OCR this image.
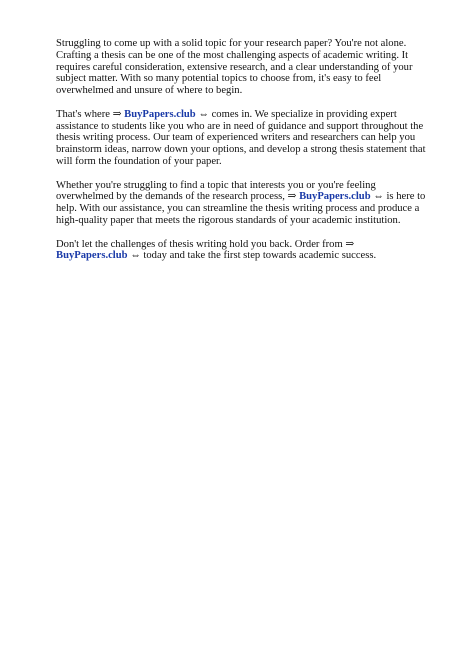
Struggling to come up with a solid topic for your research paper? You're not alone. Crafting a thesis can be one of the most challenging aspects of academic writing. It requires careful consideration, extensive research, and a clear understanding of your subject matter. With so many potential topics to choose from, it's easy to feel overwhelmed and unsure of where to begin.

That's where ⇒ BuyPapers.club ⇔ comes in. We specialize in providing expert assistance to students like you who are in need of guidance and support throughout the thesis writing process. Our team of experienced writers and researchers can help you brainstorm ideas, narrow down your options, and develop a strong thesis statement that will form the foundation of your paper.

Whether you're struggling to find a topic that interests you or you're feeling overwhelmed by the demands of the research process, ⇒ BuyPapers.club ⇔ is here to help. With our assistance, you can streamline the thesis writing process and produce a high-quality paper that meets the rigorous standards of your academic institution.

Don't let the challenges of thesis writing hold you back. Order from ⇒ BuyPapers.club ⇔ today and take the first step towards academic success.
